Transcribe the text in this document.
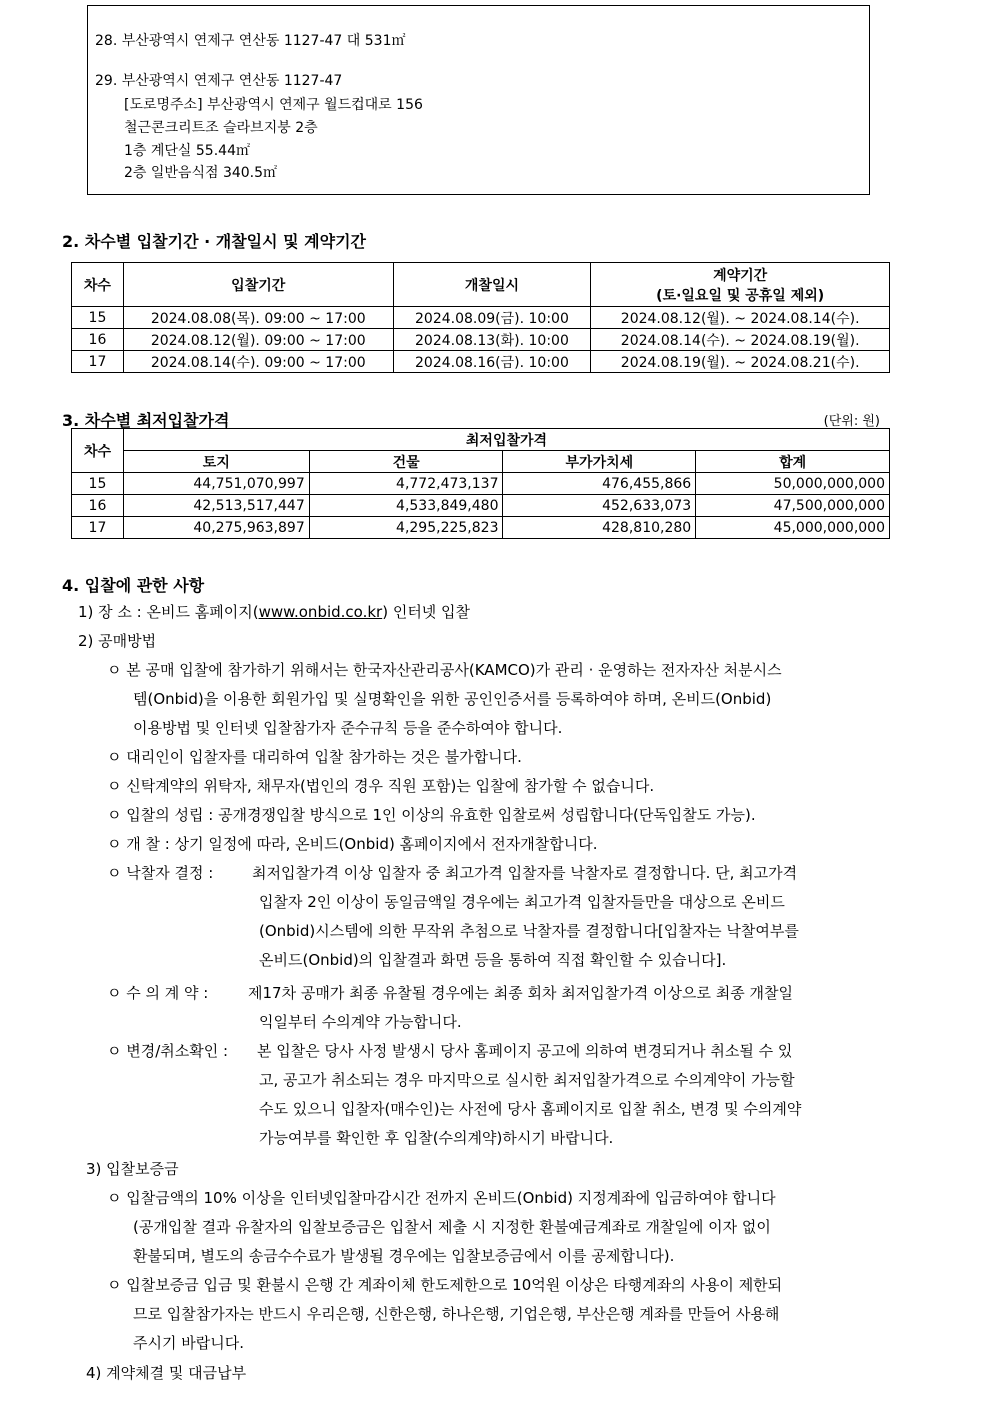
28. 부산광역시 연제구 연산동 1127-47 대 531㎡
29. 부산광역시 연제구 연산동 1127-47
[도로명주소] 부산광역시 연제구 월드컵대로 156
철근콘크리트조 슬라브지붕 2층
1층 계단실 55.44㎡
2층 일반음식점 340.5㎡
2. 차수별 입찰기간 · 개찰일시 및 계약기간
차수	입찰기간	개찰일시	계약기간
(토·일요일 및 공휴일 제외)

15	2024.08.08(목). 09:00 ~ 17:00	2024.08.09(금). 10:00	2024.08.12(월). ~ 2024.08.14(수).
16	2024.08.12(월). 09:00 ~ 17:00	2024.08.13(화). 10:00	2024.08.14(수). ~ 2024.08.19(월).
17	2024.08.14(수). 09:00 ~ 17:00	2024.08.16(금). 10:00	2024.08.19(월). ~ 2024.08.21(수).
3. 차수별 최저입찰가격	(단위: 원)
차수	최저입찰가격			
	토지	건물	부가가치세	합계
15	44,751,070,997	4,772,473,137	476,455,866	50,000,000,000
16	42,513,517,447	4,533,849,480	452,633,073	47,500,000,000
17	40,275,963,897	4,295,225,823	428,810,280	45,000,000,000
4. 입찰에 관한 사항
1) 장 소 : 온비드 홈페이지(www.onbid.co.kr) 인터넷 입찰
2) 공매방법
ㅇ 본 공매 입찰에 참가하기 위해서는 한국자산관리공사(KAMCO)가 관리 · 운영하는 전자자산 처분시스
템(Onbid)을 이용한 회원가입 및 실명확인을 위한 공인인증서를 등록하여야 하며, 온비드(Onbid)
이용방법 및 인터넷 입찰참가자 준수규칙 등을 준수하여야 합니다.
ㅇ 대리인이 입찰자를 대리하여 입찰 참가하는 것은 불가합니다.
ㅇ 신탁계약의 위탁자, 채무자(법인의 경우 직원 포함)는 입찰에 참가할 수 없습니다.
ㅇ 입찰의 성립 : 공개경쟁입찰 방식으로 1인 이상의 유효한 입찰로써 성립합니다(단독입찰도 가능).
ㅇ 개 찰 : 상기 일정에 따라, 온비드(Onbid) 홈페이지에서 전자개찰합니다.
ㅇ 낙찰자 결정 :	최저입찰가격 이상 입찰자 중 최고가격 입찰자를 낙찰자로 결정합니다. 단, 최고가격
입찰자 2인 이상이 동일금액일 경우에는 최고가격 입찰자들만을 대상으로 온비드
(Onbid)시스템에 의한 무작위 추첨으로 낙찰자를 결정합니다[입찰자는 낙찰여부를
온비드(Onbid)의 입찰결과 화면 등을 통하여 직접 확인할 수 있습니다].
ㅇ 수 의 계 약 :	제17차 공매가 최종 유찰될 경우에는 최종 회차 최저입찰가격 이상으로 최종 개찰일
익일부터 수의계약 가능합니다.
ㅇ 변경/취소확인 : 본 입찰은 당사 사정 발생시 당사 홈페이지 공고에 의하여 변경되거나 취소될 수 있
고, 공고가 취소되는 경우 마지막으로 실시한 최저입찰가격으로 수의계약이 가능할
수도 있으니 입찰자(매수인)는 사전에 당사 홈페이지로 입찰 취소, 변경 및 수의계약
가능여부를 확인한 후 입찰(수의계약)하시기 바랍니다.
3) 입찰보증금
ㅇ 입찰금액의 10% 이상을 인터넷입찰마감시간 전까지 온비드(Onbid) 지정계좌에 입금하여야 합니다
(공개입찰 결과 유찰자의 입찰보증금은 입찰서 제출 시 지정한 환불예금계좌로 개찰일에 이자 없이
환불되며, 별도의 송금수수료가 발생될 경우에는 입찰보증금에서 이를 공제합니다).
ㅇ 입찰보증금 입금 및 환불시 은행 간 계좌이체 한도제한으로 10억원 이상은 타행계좌의 사용이 제한되
므로 입찰참가자는 반드시 우리은행, 신한은행, 하나은행, 기업은행, 부산은행 계좌를 만들어 사용해
주시기 바랍니다.
4) 계약체결 및 대금납부
